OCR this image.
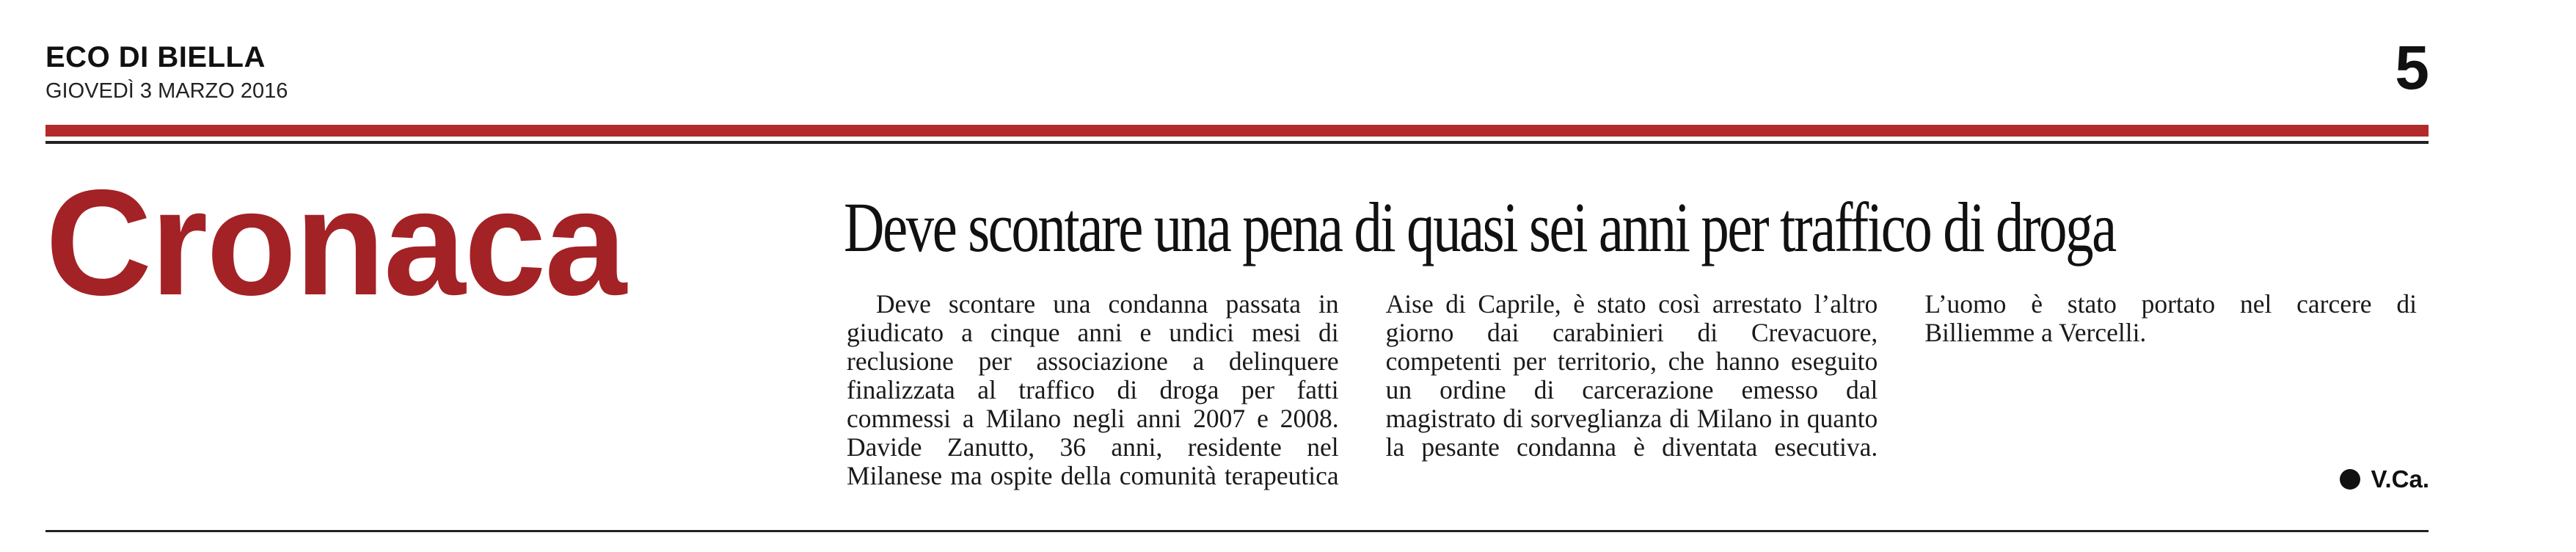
ECO DI BIELLA
GIOVEDÌ 3 MARZO 2016	5
Cronaca	Deve scontare una pena di quasi sei anni per traffico di droga

Deve scontare una condanna passata in giudicato a cinque anni e undici mesi di reclusione per associazione a delinquere finalizzata al traffico di droga per fatti commessi a Milano negli anni 2007 e 2008. Davide Zanutto, 36 anni, residente nel Milanese ma ospite della comunità terapeutica Aise di Caprile, è stato così arrestato l’altro giorno dai carabinieri di Crevacuore, competenti per territorio, che hanno eseguito un ordine di carcerazione emesso dal magistrato di sorveglianza di Milano in quanto la pesante condanna è diventata esecutiva. L’uomo è stato portato nel carcere di Billiemme a Vercelli.

V.Ca.
